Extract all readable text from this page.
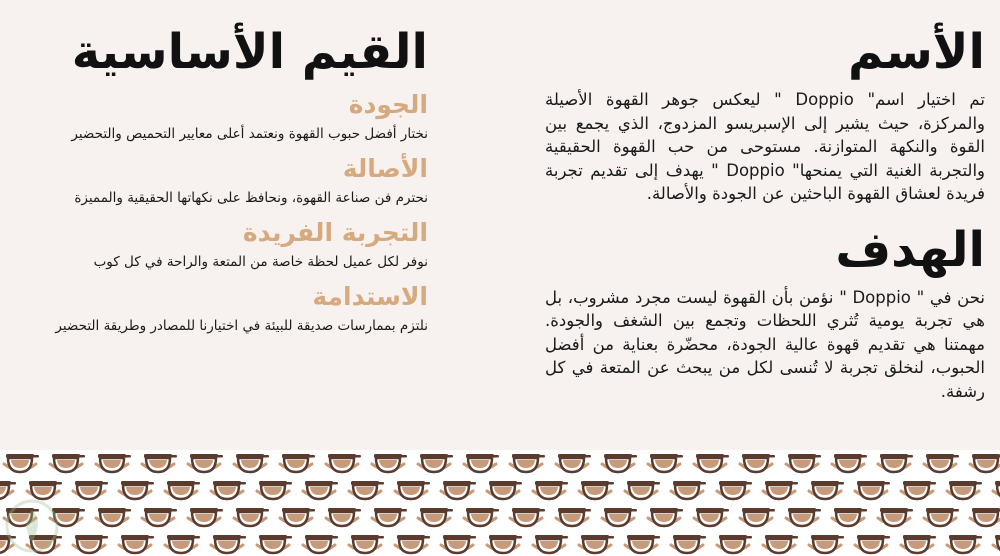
الأسم

تم اختيار اسم" Doppio " ليعكس جوهر القهوة الأصيلة والمركزة، حيث يشير إلى الإسبريسو المزدوج، الذي يجمع بين القوة والنكهة المتوازنة. مستوحى من حب القهوة الحقيقية والتجربة الغنية التي يمنحها" Doppio " يهدف إلى تقديم تجربة فريدة لعشاق القهوة الباحثين عن الجودة والأصالة.

الهدف

نحن في " Doppio " نؤمن بأن القهوة ليست مجرد مشروب، بل هي تجربة يومية تُثري اللحظات وتجمع بين الشغف والجودة. مهمتنا هي تقديم قهوة عالية الجودة، محضّرة بعناية من أفضل الحبوب، لنخلق تجربة لا تُنسى لكل من يبحث عن المتعة في كل رشفة.

القيم الأساسية
الجودة

نختار أفضل حبوب القهوة ونعتمد أعلى معايير التحميص والتحضير

الأصالة

نحترم فن صناعة القهوة، ونحافظ على نكهاتها الحقيقية والمميزة

التجربة الفريدة

نوفر لكل عميل لحظة خاصة من المتعة والراحة في كل كوب

الاستدامة

نلتزم بممارسات صديقة للبيئة في اختيارنا للمصادر وطريقة التحضير
